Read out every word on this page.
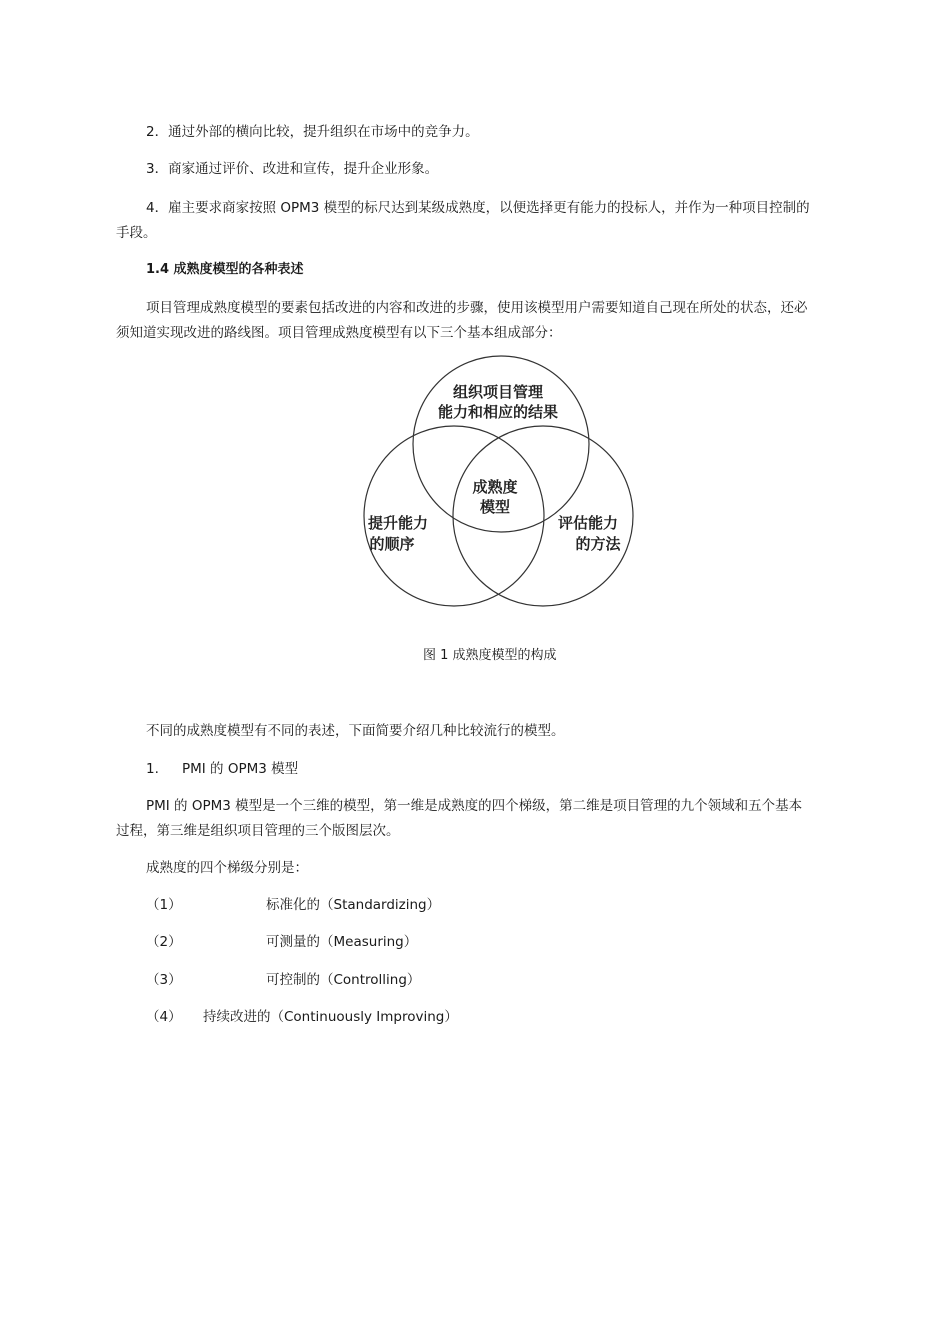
2．通过外部的横向比较，提升组织在市场中的竞争力。
3．商家通过评价、改进和宣传，提升企业形象。
4．雇主要求商家按照 OPM3 模型的标尺达到某级成熟度，以便选择更有能力的投标人，并作为一种项目控制的
手段。
1.4 成熟度模型的各种表述
项目管理成熟度模型的要素包括改进的内容和改进的步骤，使用该模型用户需要知道自己现在所处的状态，还必
须知道实现改进的路线图。项目管理成熟度模型有以下三个基本组成部分：
组织项目管理
能力和相应的结果
成熟度
模型
提升能力
的顺序
评估能力
的方法
图 1 成熟度模型的构成
不同的成熟度模型有不同的表述，下面简要介绍几种比较流行的模型。
1. PMI 的 OPM3 模型
PMI 的 OPM3 模型是一个三维的模型，第一维是成熟度的四个梯级，第二维是项目管理的九个领域和五个基本
过程，第三维是组织项目管理的三个版图层次。
成熟度的四个梯级分别是：
（1）	标准化的（Standardizing）
（2）	可测量的（Measuring）
（3）	可控制的（Controlling）
（4） 持续改进的（Continuously Improving）
